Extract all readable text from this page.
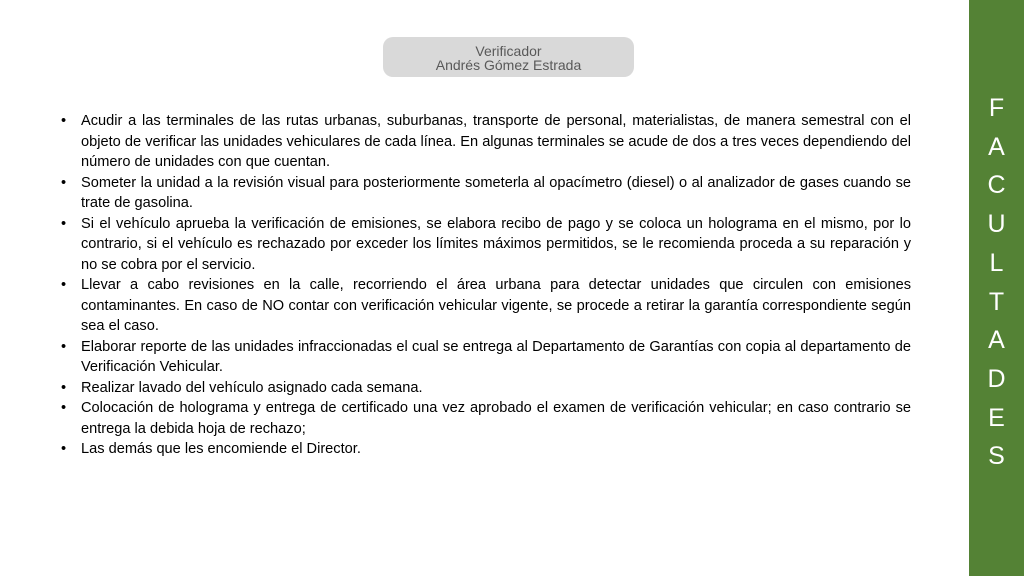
Verificador
Andrés Gómez Estrada
• Acudir a las terminales de las rutas urbanas, suburbanas, transporte de personal, materialistas, de manera semestral con el objeto de verificar las unidades vehiculares de cada línea. En algunas terminales se acude de dos a tres veces dependiendo del número de unidades con que cuentan.
• Someter la unidad a la revisión visual para posteriormente someterla al opacímetro (diesel) o al analizador de gases cuando se trate de gasolina.
• Si el vehículo aprueba la verificación de emisiones, se elabora recibo de pago y se coloca un holograma en el mismo, por lo contrario, si el vehículo es rechazado por exceder los límites máximos permitidos, se le recomienda proceda a su reparación y no se cobra por el servicio.
• Llevar a cabo revisiones en la calle, recorriendo el área urbana para detectar unidades que circulen con emisiones contaminantes. En caso de NO contar con verificación vehicular vigente, se procede a retirar la garantía correspondiente según sea el caso.
• Elaborar reporte de las unidades infraccionadas el cual se entrega al Departamento de Garantías con copia al departamento de Verificación Vehicular.
• Realizar lavado del vehículo asignado cada semana.
• Colocación de holograma y entrega de certificado una vez aprobado el examen de verificación vehicular; en caso contrario se entrega la debida hoja de rechazo;
• Las demás que les encomiende el Director.
F
A
C
U
L
T
A
D
E
S
